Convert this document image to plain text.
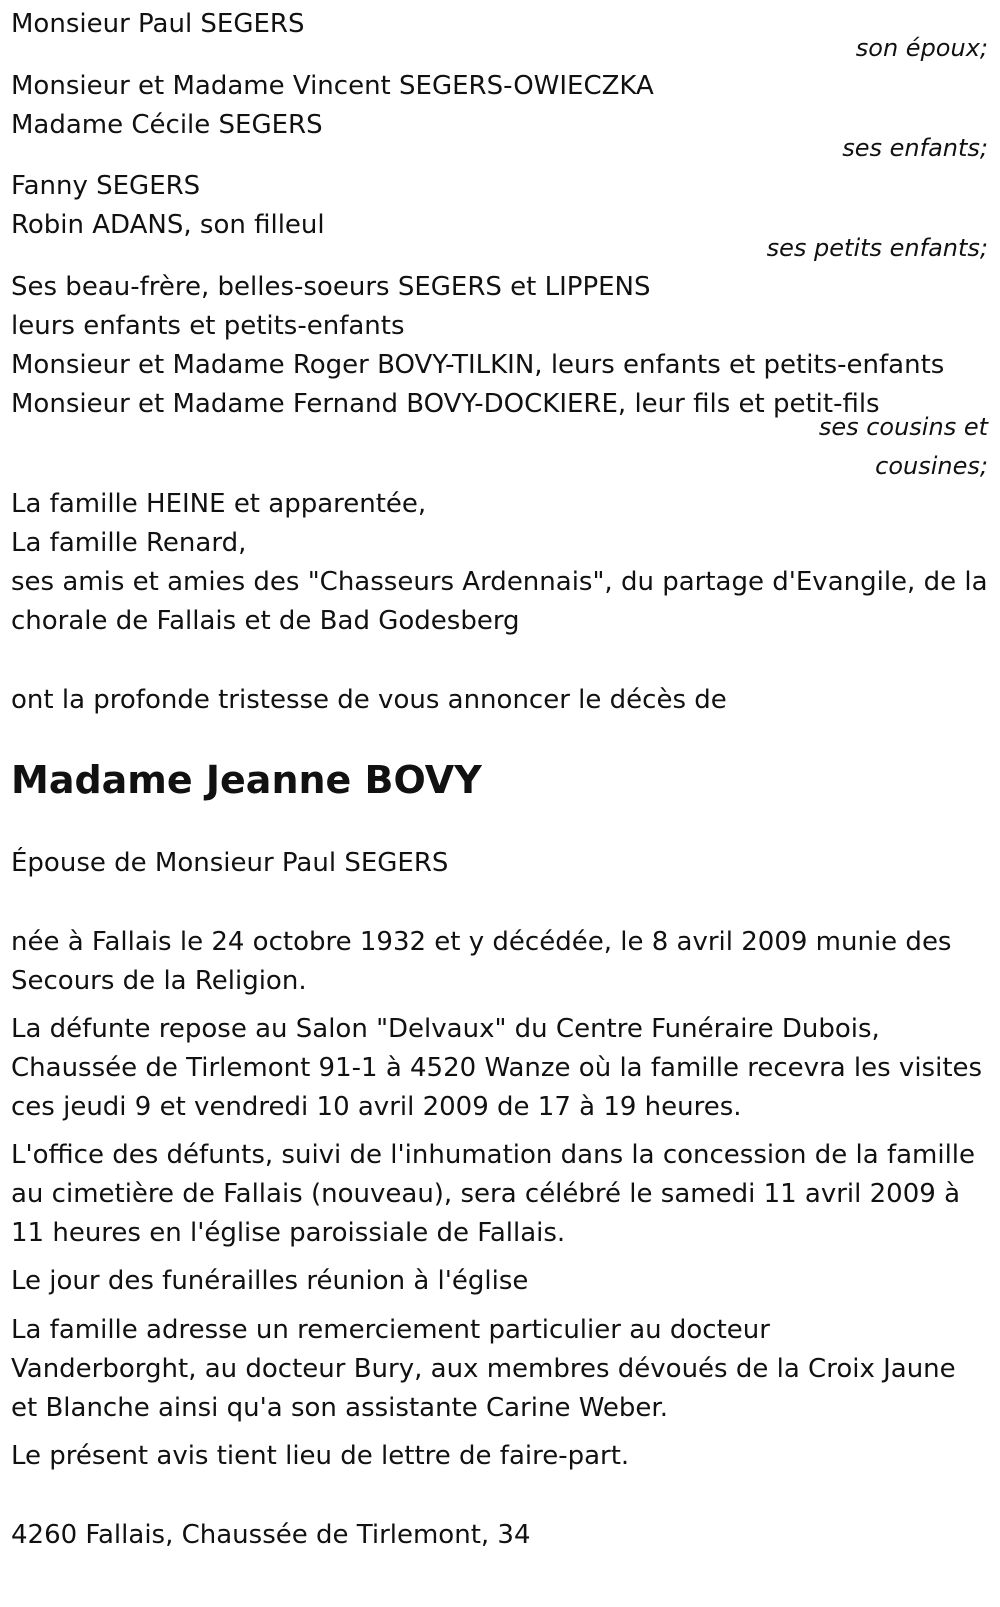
Monsieur Paul SEGERS
son époux;
Monsieur et Madame Vincent SEGERS-OWIECZKA
Madame Cécile SEGERS
ses enfants;
Fanny SEGERS
Robin ADANS, son filleul
ses petits enfants;
Ses beau-frère, belles-soeurs SEGERS et LIPPENS
leurs enfants et petits-enfants
Monsieur et Madame Roger BOVY-TILKIN, leurs enfants et petits-enfants
Monsieur et Madame Fernand BOVY-DOCKIERE, leur fils et petit-fils
ses cousins et
cousines;
La famille HEINE et apparentée,
La famille Renard,
ses amis et amies des "Chasseurs Ardennais", du partage d'Evangile, de la
chorale de Fallais et de Bad Godesberg
ont la profonde tristesse de vous annoncer le décès de
Madame Jeanne BOVY
Épouse de Monsieur Paul SEGERS
née à Fallais le 24 octobre 1932 et y décédée, le 8 avril 2009 munie des
Secours de la Religion.
La défunte repose au Salon "Delvaux" du Centre Funéraire Dubois,
Chaussée de Tirlemont 91-1 à 4520 Wanze où la famille recevra les visites
ces jeudi 9 et vendredi 10 avril 2009 de 17 à 19 heures.
L'office des défunts, suivi de l'inhumation dans la concession de la famille
au cimetière de Fallais (nouveau), sera célébré le samedi 11 avril 2009 à
11 heures en l'église paroissiale de Fallais.
Le jour des funérailles réunion à l'église
La famille adresse un remerciement particulier au docteur
Vanderborght, au docteur Bury, aux membres dévoués de la Croix Jaune
et Blanche ainsi qu'a son assistante Carine Weber.
Le présent avis tient lieu de lettre de faire-part.
4260 Fallais, Chaussée de Tirlemont, 34
